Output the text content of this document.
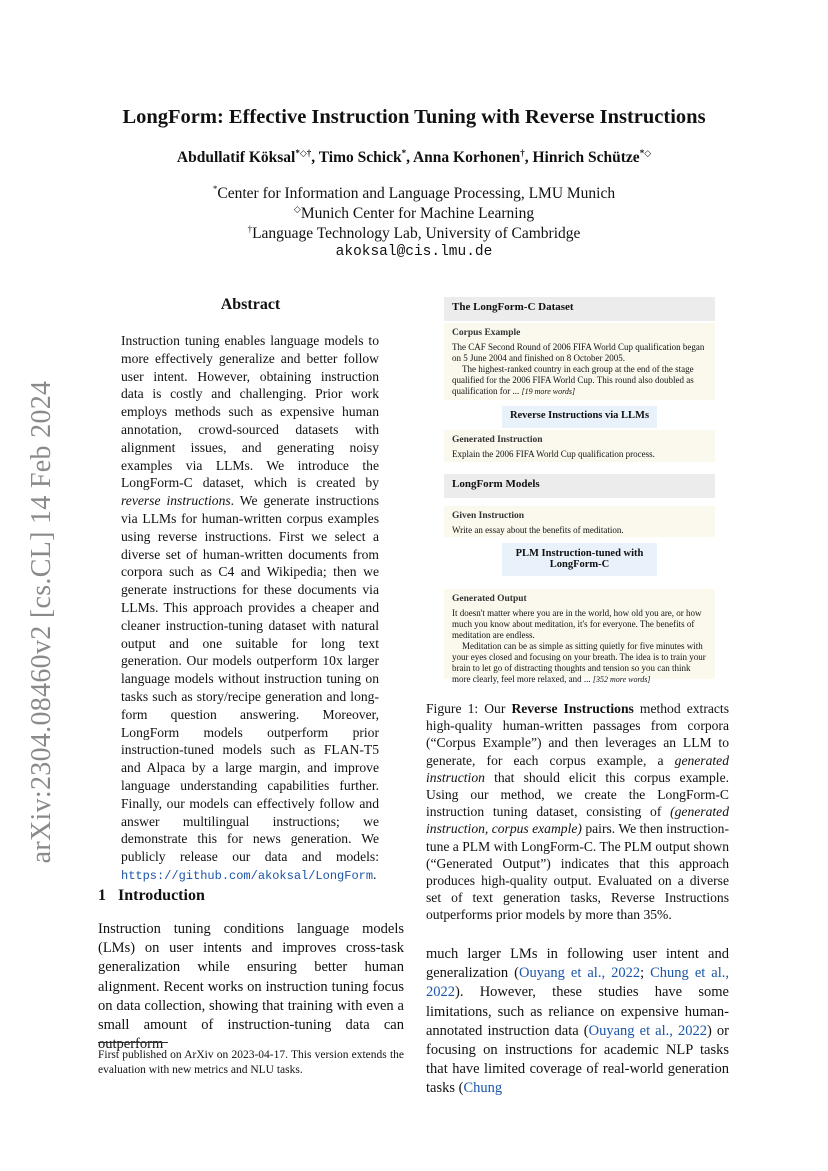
arXiv:2304.08460v2 [cs.CL] 14 Feb 2024
LongForm: Effective Instruction Tuning with Reverse Instructions
Abdullatif Köksal*◇†, Timo Schick*, Anna Korhonen†, Hinrich Schütze*◇
*Center for Information and Language Processing, LMU Munich
◇Munich Center for Machine Learning
†Language Technology Lab, University of Cambridge
akoksal@cis.lmu.de
Abstract
Instruction tuning enables language models to more effectively generalize and better follow user intent. However, obtaining instruction data is costly and challenging. Prior work employs methods such as expensive human annotation, crowd-sourced datasets with alignment issues, and generating noisy examples via LLMs. We introduce the LongForm-C dataset, which is created by reverse instructions. We generate instructions via LLMs for human-written corpus examples using reverse instructions. First we select a diverse set of human-written documents from corpora such as C4 and Wikipedia; then we generate instructions for these documents via LLMs. This approach provides a cheaper and cleaner instruction-tuning dataset with natural output and one suitable for long text generation. Our models outperform 10x larger language models without instruction tuning on tasks such as story/recipe generation and long-form question answering. Moreover, LongForm models outperform prior instruction-tuned models such as FLAN-T5 and Alpaca by a large margin, and improve language understanding capabilities further. Finally, our models can effectively follow and answer multilingual instructions; we demonstrate this for news generation. We publicly release our data and models: https://github.com/akoksal/LongForm.
1 Introduction
Instruction tuning conditions language models (LMs) on user intents and improves cross-task generalization while ensuring better human alignment. Recent works on instruction tuning focus on data collection, showing that training with even a small amount of instruction-tuning data can outperform
First published on ArXiv on 2023-04-17. This version extends the evaluation with new metrics and NLU tasks.
The LongForm-C Dataset
Corpus Example

The CAF Second Round of 2006 FIFA World Cup qualification began on 5 June 2004 and finished on 8 October 2005.

The highest-ranked country in each group at the end of the stage qualified for the 2006 FIFA World Cup. This round also doubled as qualification for ... [19 more words]

Reverse Instructions via LLMs
Generated Instruction

Explain the 2006 FIFA World Cup qualification process.

LongForm Models
Given Instruction

Write an essay about the benefits of meditation.

PLM Instruction-tuned with LongForm-C
Generated Output

It doesn't matter where you are in the world, how old you are, or how much you know about meditation, it's for everyone. The benefits of meditation are endless.

Meditation can be as simple as sitting quietly for five minutes with your eyes closed and focusing on your breath. The idea is to train your brain to let go of distracting thoughts and tension so you can think more clearly, feel more relaxed, and ... [352 more words]

Figure 1: Our Reverse Instructions method extracts high-quality human-written passages from corpora (“Corpus Example”) and then leverages an LLM to generate, for each corpus example, a generated instruction that should elicit this corpus example. Using our method, we create the LongForm-C instruction tuning dataset, consisting of (generated instruction, corpus example) pairs. We then instruction-tune a PLM with LongForm-C. The PLM output shown (“Generated Output”) indicates that this approach produces high-quality output. Evaluated on a diverse set of text generation tasks, Reverse Instructions outperforms prior models by more than 35%.
much larger LMs in following user intent and generalization (Ouyang et al., 2022; Chung et al., 2022). However, these studies have some limitations, such as reliance on expensive human-annotated instruction data (Ouyang et al., 2022) or focusing on instructions for academic NLP tasks that have limited coverage of real-world generation tasks (Chung
